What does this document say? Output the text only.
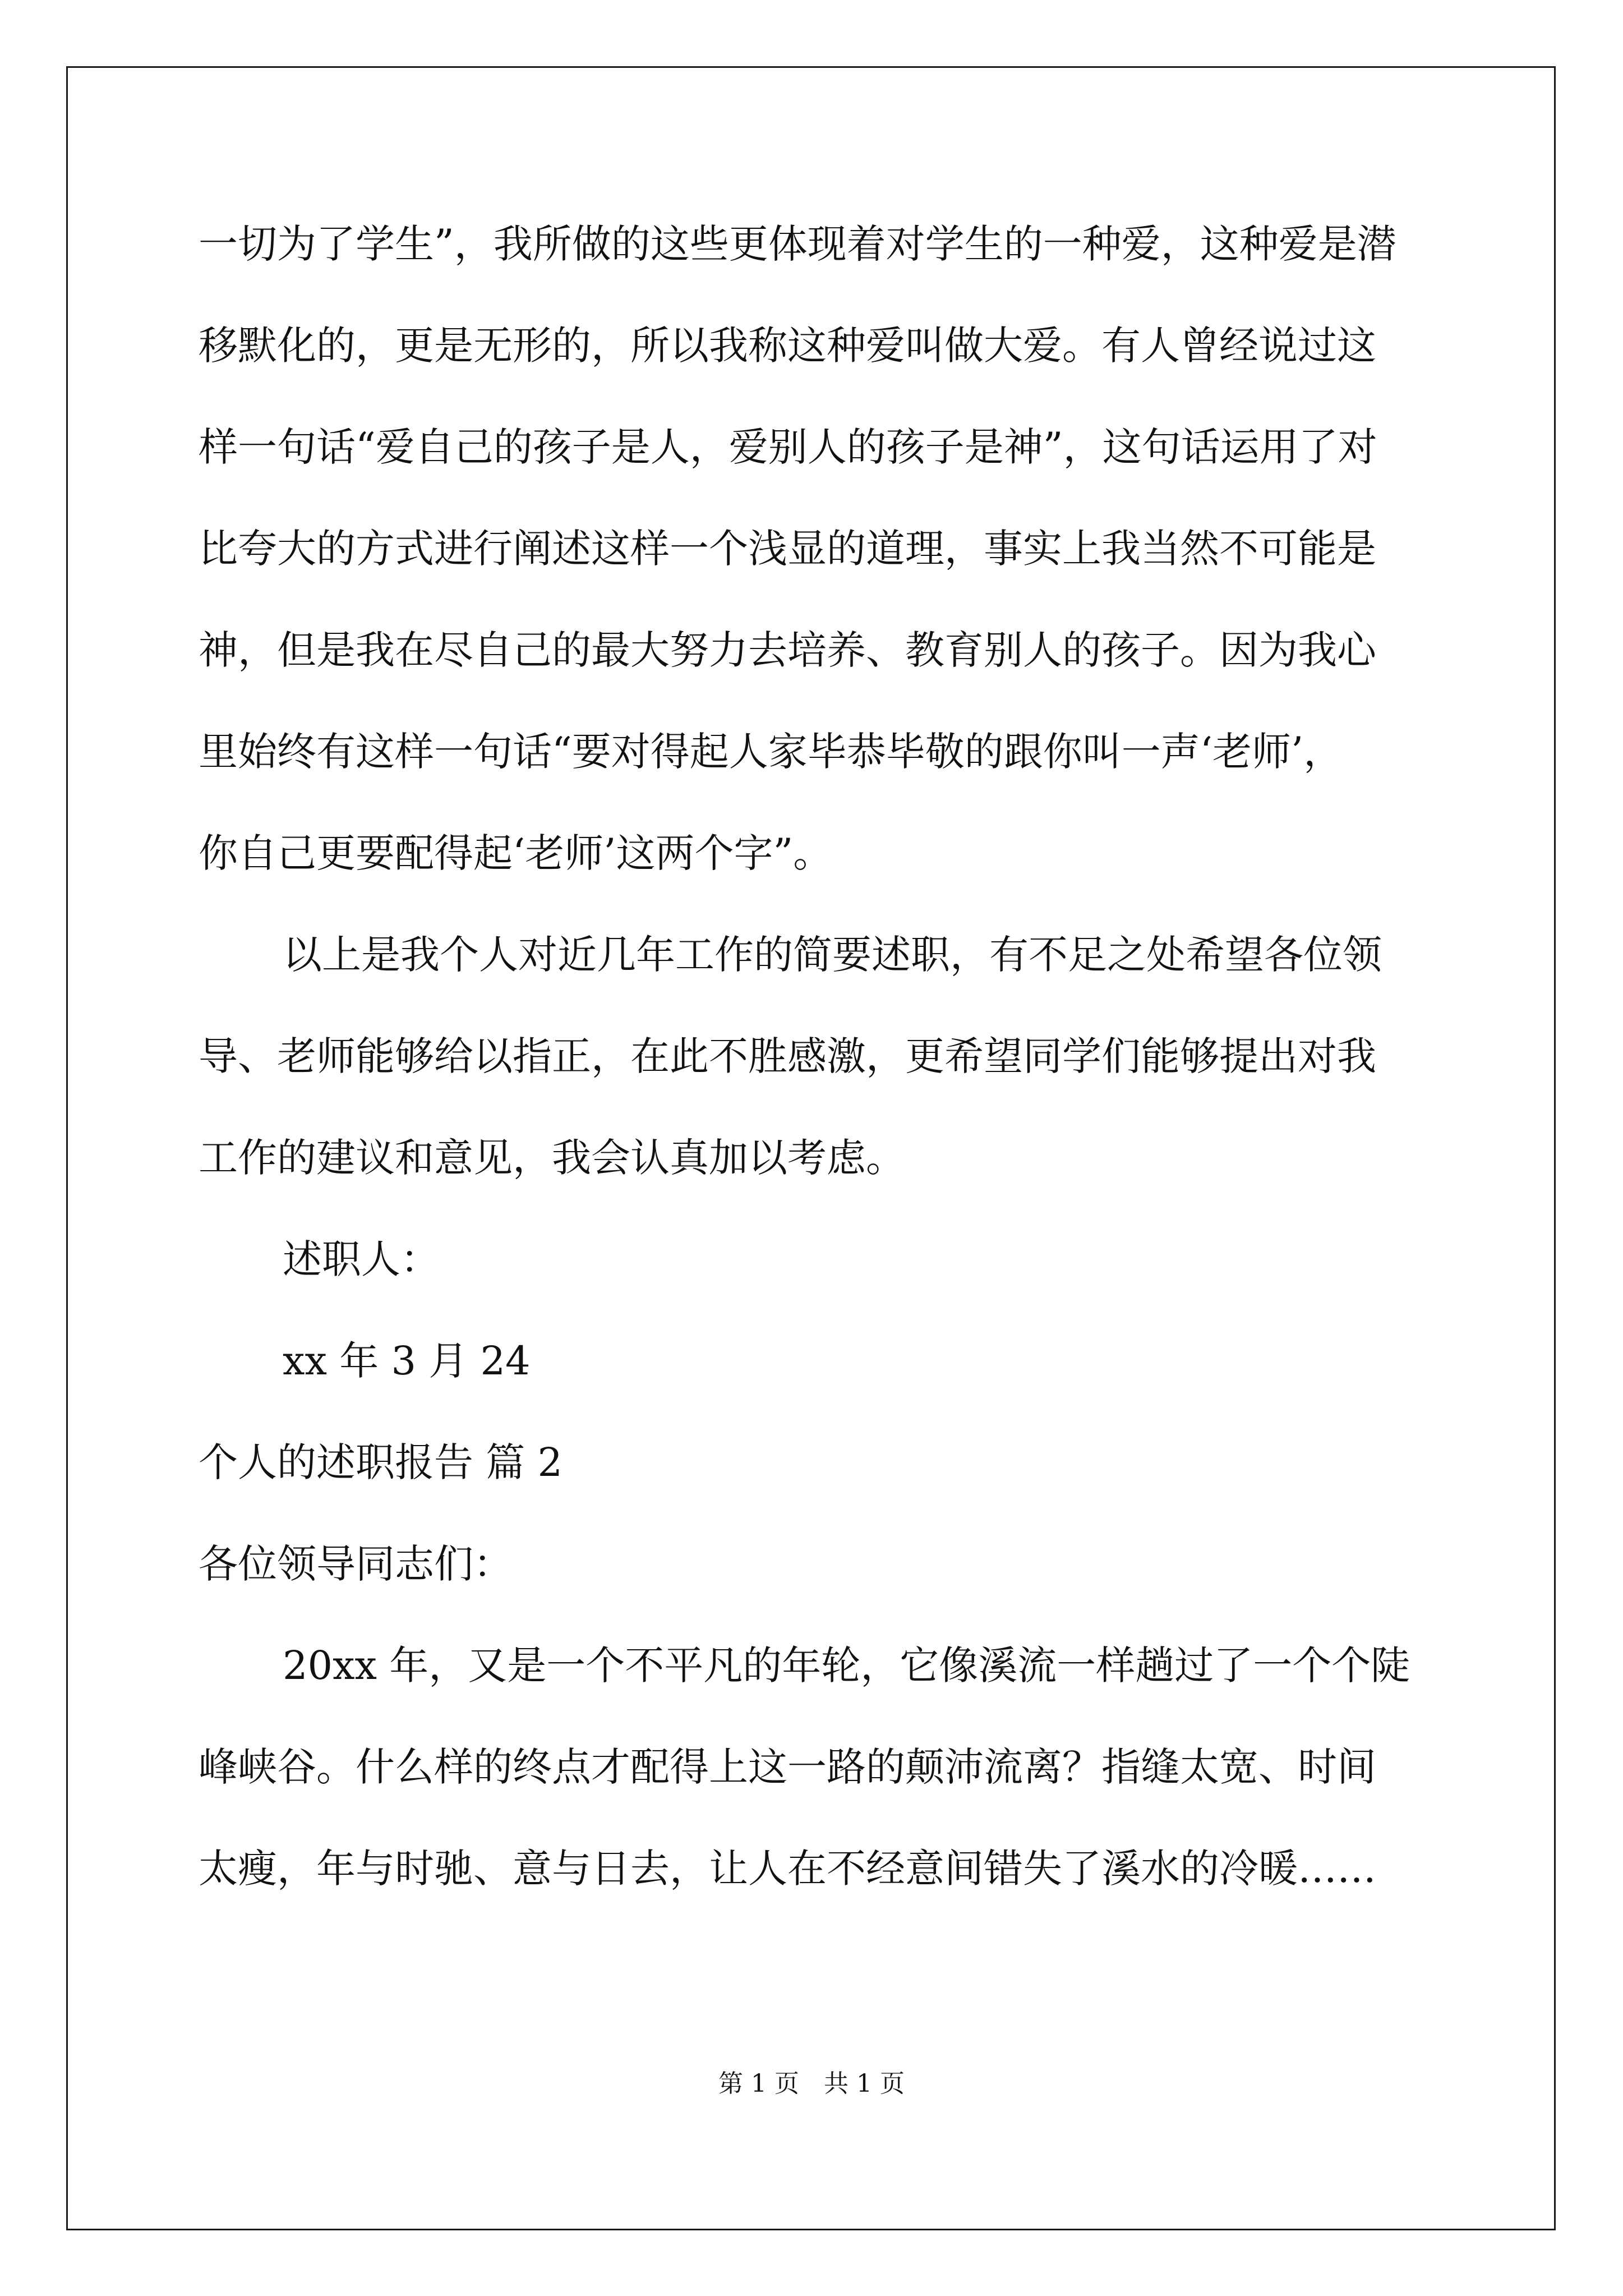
一切为了学生”，我所做的这些更体现着对学生的一种爱，这种爱是潜
移默化的，更是无形的，所以我称这种爱叫做大爱。有人曾经说过这
样一句话“爱自己的孩子是人，爱别人的孩子是神”，这句话运用了对
比夸大的方式进行阐述这样一个浅显的道理，事实上我当然不可能是
神，但是我在尽自己的最大努力去培养、教育别人的孩子。因为我心
里始终有这样一句话“要对得起人家毕恭毕敬的跟你叫一声‘老师’，
你自己更要配得起‘老师’这两个字”。
以上是我个人对近几年工作的简要述职，有不足之处希望各位领
导、老师能够给以指正，在此不胜感激，更希望同学们能够提出对我
工作的建议和意见，我会认真加以考虑。
述职人：
xx 年 3 月 24
个人的述职报告 篇 2
各位领导同志们：
20xx 年，又是一个不平凡的年轮，它像溪流一样趟过了一个个陡
峰峡谷。什么样的终点才配得上这一路的颠沛流离？指缝太宽、时间
太瘦，年与时驰、意与日去，让人在不经意间错失了溪水的冷暖……
第 1 页　共 1 页
